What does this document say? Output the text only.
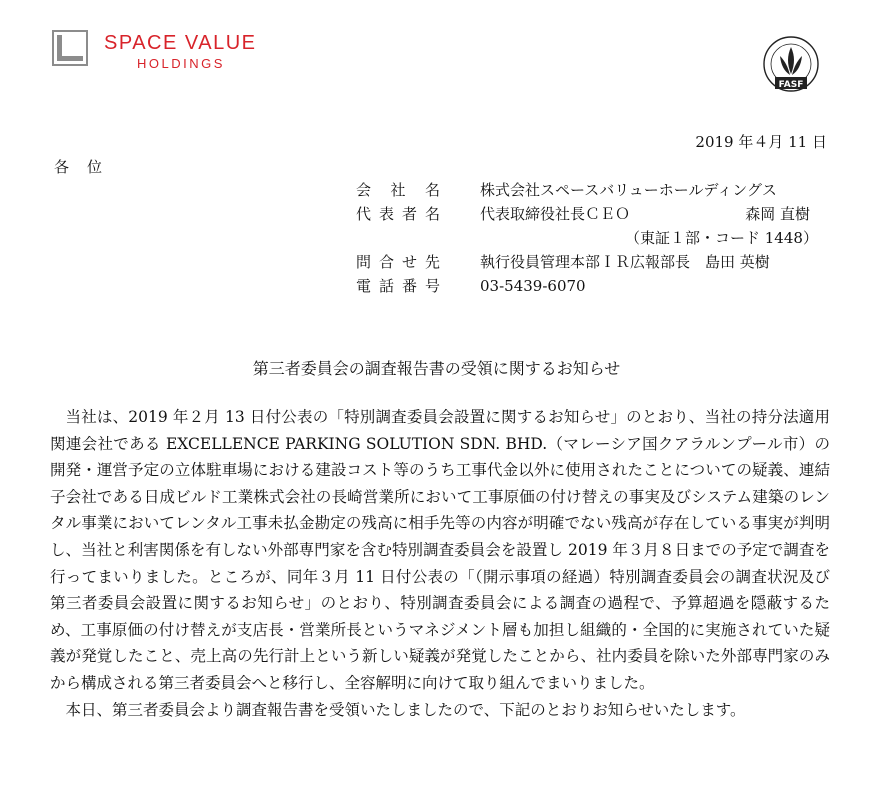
SPACE VALUE
HOLDINGS
FASF
2019 年４月 11 日
各位
会社名	株式会社スペースバリューホールディングス
代表者名	代表取締役社長ＣＥＯ	森岡 直樹
（東証１部・コード 1448）
問合せ先	執行役員管理本部ＩＲ広報部長　島田 英樹
電話番号	03-5439-6070
第三者委員会の調査報告書の受領に関するお知らせ

当社は、2019 年２月 13 日付公表の「特別調査委員会設置に関するお知らせ」のとおり、当社の持分法適用関連会社である EXCELLENCE PARKING SOLUTION SDN. BHD.（マレーシア国クアラルンプール市）の開発・運営予定の立体駐車場における建設コスト等のうち工事代金以外に使用されたことについての疑義、連結子会社である日成ビルド工業株式会社の長崎営業所において工事原価の付け替えの事実及びシステム建築のレンタル事業においてレンタル工事未払金勘定の残高に相手先等の内容が明確でない残高が存在している事実が判明し、当社と利害関係を有しない外部専門家を含む特別調査委員会を設置し 2019 年３月８日までの予定で調査を行ってまいりました。ところが、同年３月 11 日付公表の「（開示事項の経過）特別調査委員会の調査状況及び第三者委員会設置に関するお知らせ」のとおり、特別調査委員会による調査の過程で、予算超過を隠蔽するため、工事原価の付け替えが支店長・営業所長というマネジメント層も加担し組織的・全国的に実施されていた疑義が発覚したこと、売上高の先行計上という新しい疑義が発覚したことから、社内委員を除いた外部専門家のみから構成される第三者委員会へと移行し、全容解明に向けて取り組んでまいりました。

本日、第三者委員会より調査報告書を受領いたしましたので、下記のとおりお知らせいたします。
